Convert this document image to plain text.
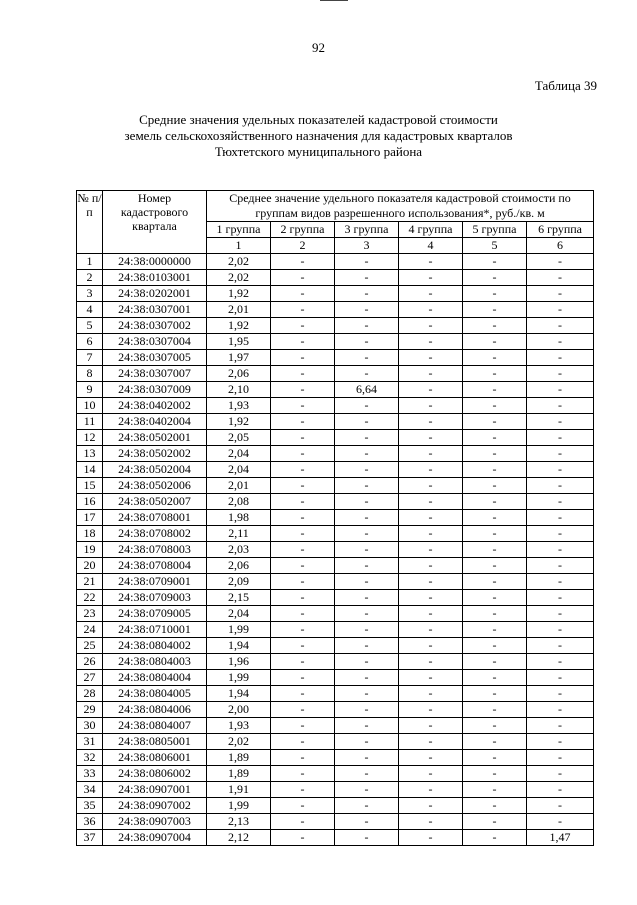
92
Таблица 39
Средние значения удельных показателей кадастровой стоимости
земель сельскохозяйственного назначения для кадастровых кварталов
Тюхтетского муниципального района
№ п/п	Номер кадастрового квартала	Среднее значение удельного показателя кадастровой стоимости по группам видов разрешенного использования*, руб./кв. м						
		1 группа	2 группа	3 группа	4 группа	5 группа	6 группа	
		1	2	3	4	5	6		
1	24:38:0000000	2,02	-	-	-	-	-	
2	24:38:0103001	2,02	-	-	-	-	-	
3	24:38:0202001	1,92	-	-	-	-	-	
4	24:38:0307001	2,01	-	-	-	-	-	
5	24:38:0307002	1,92	-	-	-	-	-	
6	24:38:0307004	1,95	-	-	-	-	-	
7	24:38:0307005	1,97	-	-	-	-	-	
8	24:38:0307007	2,06	-	-	-	-	-	
9	24:38:0307009	2,10	-	6,64	-	-	-	
10	24:38:0402002	1,93	-	-	-	-	-	
11	24:38:0402004	1,92	-	-	-	-	-	
12	24:38:0502001	2,05	-	-	-	-	-	
13	24:38:0502002	2,04	-	-	-	-	-	
14	24:38:0502004	2,04	-	-	-	-	-	
15	24:38:0502006	2,01	-	-	-	-	-	
16	24:38:0502007	2,08	-	-	-	-	-	
17	24:38:0708001	1,98	-	-	-	-	-	
18	24:38:0708002	2,11	-	-	-	-	-	
19	24:38:0708003	2,03	-	-	-	-	-	
20	24:38:0708004	2,06	-	-	-	-	-	
21	24:38:0709001	2,09	-	-	-	-	-	
22	24:38:0709003	2,15	-	-	-	-	-	
23	24:38:0709005	2,04	-	-	-	-	-	
24	24:38:0710001	1,99	-	-	-	-	-	
25	24:38:0804002	1,94	-	-	-	-	-	
26	24:38:0804003	1,96	-	-	-	-	-	
27	24:38:0804004	1,99	-	-	-	-	-	
28	24:38:0804005	1,94	-	-	-	-	-	
29	24:38:0804006	2,00	-	-	-	-	-	
30	24:38:0804007	1,93	-	-	-	-	-	
31	24:38:0805001	2,02	-	-	-	-	-	
32	24:38:0806001	1,89	-	-	-	-	-	
33	24:38:0806002	1,89	-	-	-	-	-	
34	24:38:0907001	1,91	-	-	-	-	-	
35	24:38:0907002	1,99	-	-	-	-	-	
36	24:38:0907003	2,13	-	-	-	-	-	
37	24:38:0907004	2,12	-	-	-	-	1,47	
